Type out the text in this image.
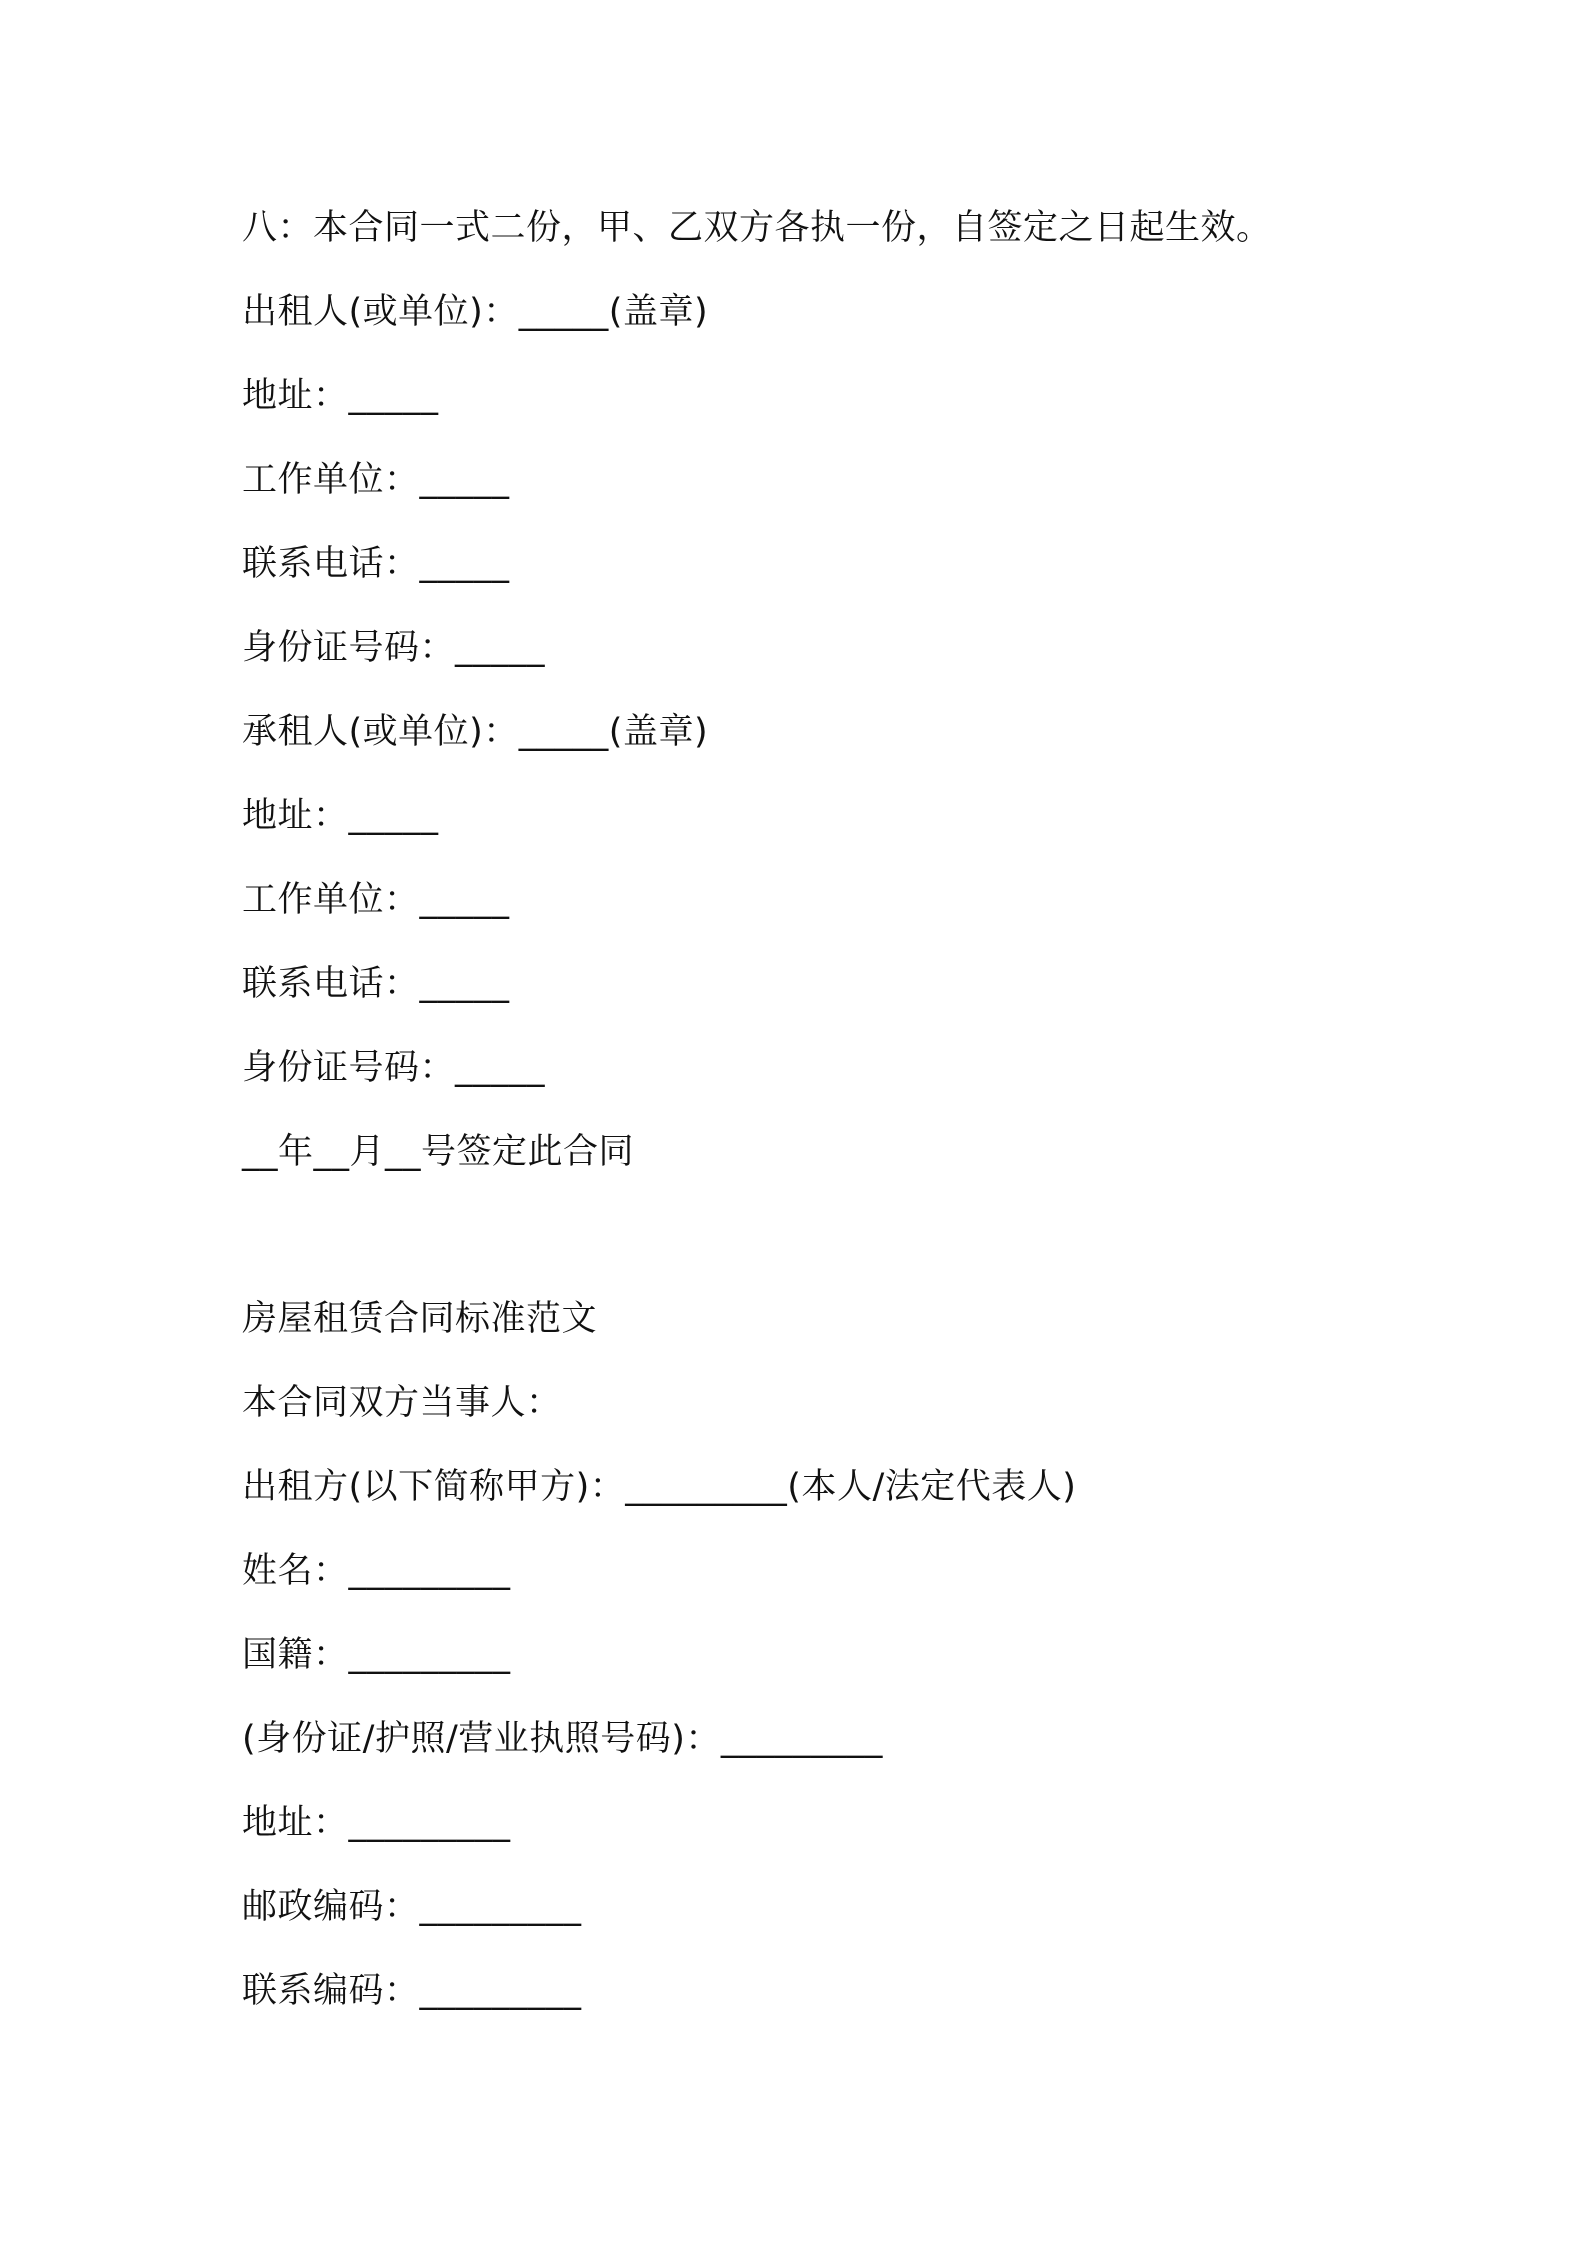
八：本合同一式二份，甲、乙双方各执一份，自签定之日起生效。
出租人(或单位)：_____(盖章)
地址：_____
工作单位：_____
联系电话：_____
身份证号码：_____
承租人(或单位)：_____(盖章)
地址：_____
工作单位：_____
联系电话：_____
身份证号码：_____
__年__月__号签定此合同
房屋租赁合同标准范文
本合同双方当事人：
出租方(以下简称甲方)：_________(本人/法定代表人)
姓名：_________
国籍：_________
(身份证/护照/营业执照号码)：_________
地址：_________
邮政编码：_________
联系编码：_________
